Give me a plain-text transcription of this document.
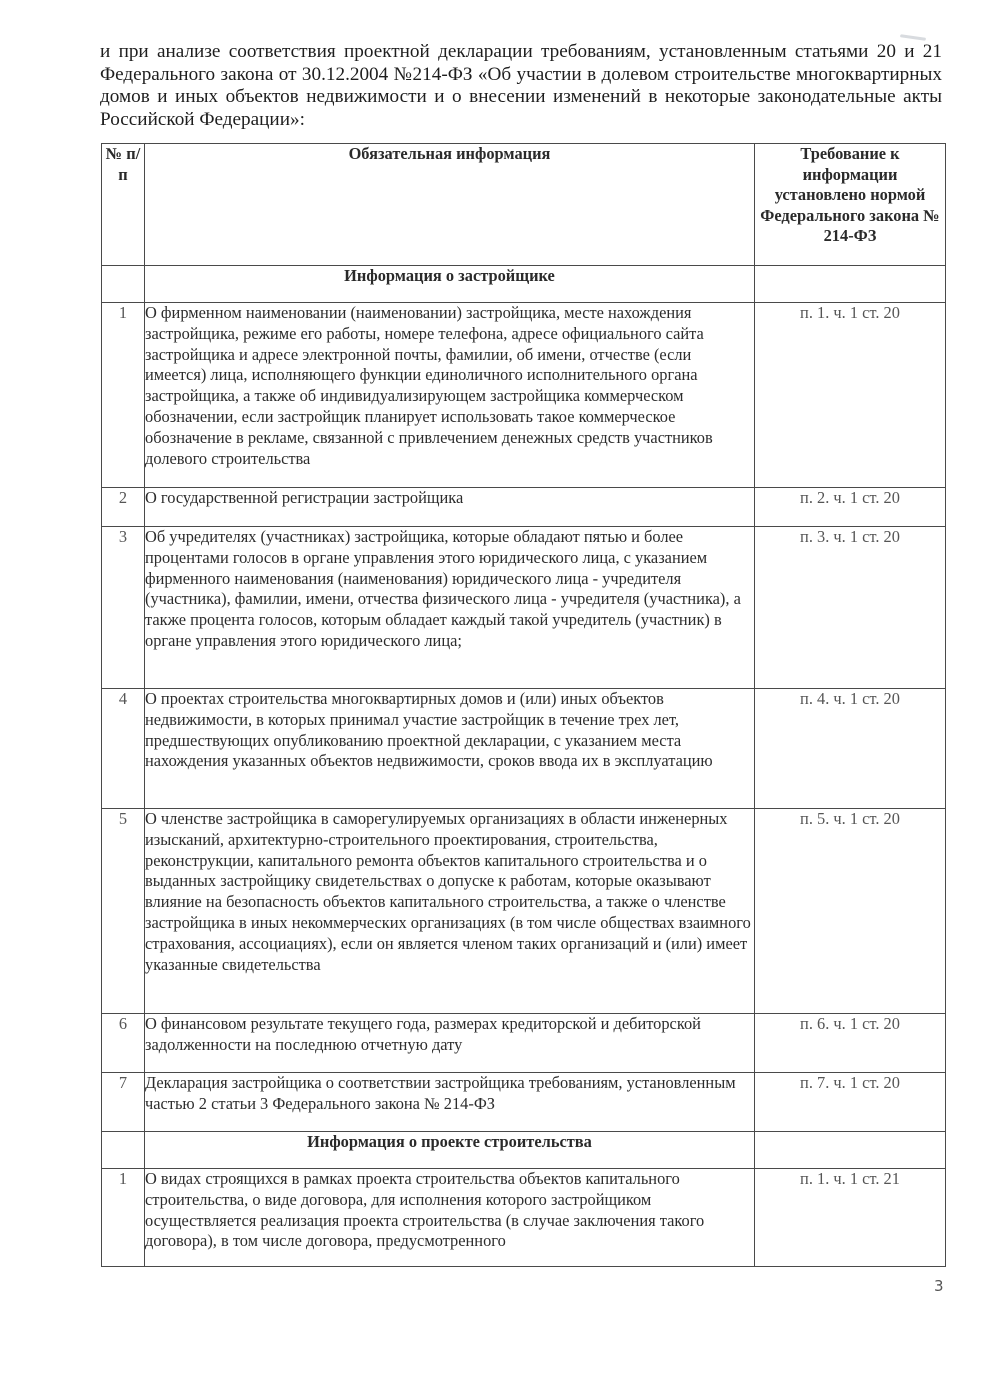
и при анализе соответствия проектной декларации требованиям, установленным статьями 20 и 21 Федерального закона от 30.12.2004 №214-ФЗ «Об участии в долевом строительстве многоквартирных домов и иных объектов недвижимости и о внесении изменений в некоторые законодательные акты Российской Федерации»:

№ п/п	Обязательная информация	Требование к информации установлено нормой Федерального закона № 214-ФЗ
	Информация о застройщике	
1	О фирменном наименовании (наименовании) застройщика, месте нахождения застройщика, режиме его работы, номере телефона, адресе официального сайта застройщика и адресе электронной почты, фамилии, об имени, отчестве (если имеется) лица, исполняющего функции единоличного исполнительного органа застройщика, а также об индивидуализирующем застройщика коммерческом обозначении, если застройщик планирует использовать такое коммерческое обозначение в рекламе, связанной с привлечением денежных средств участников долевого строительства	п. 1. ч. 1 ст. 20
2	О государственной регистрации застройщика	п. 2. ч. 1 ст. 20
3	Об учредителях (участниках) застройщика, которые обладают пятью и более процентами голосов в органе управления этого юридического лица, с указанием фирменного наименования (наименования) юридического лица - учредителя (участника), фамилии, имени, отчества физического лица - учредителя (участника), а также процента голосов, которым обладает каждый такой учредитель (участник) в органе управления этого юридического лица;	п. 3. ч. 1 ст. 20
4	О проектах строительства многоквартирных домов и (или) иных объектов недвижимости, в которых принимал участие застройщик в течение трех лет, предшествующих опубликованию проектной декларации, с указанием места нахождения указанных объектов недвижимости, сроков ввода их в эксплуатацию	п. 4. ч. 1 ст. 20
5	О членстве застройщика в саморегулируемых организациях в области инженерных изысканий, архитектурно-строительного проектирования, строительства, реконструкции, капитального ремонта объектов капитального строительства и о выданных застройщику свидетельствах о допуске к работам, которые оказывают влияние на безопасность объектов капитального строительства, а также о членстве застройщика в иных некоммерческих организациях (в том числе обществах взаимного страхования, ассоциациях), если он является членом таких организаций и (или) имеет указанные свидетельства	п. 5. ч. 1 ст. 20
6	О финансовом результате текущего года, размерах кредиторской и дебиторской задолженности на последнюю отчетную дату	п. 6. ч. 1 ст. 20
7	Декларация застройщика о соответствии застройщика требованиям, установленным частью 2 статьи 3 Федерального закона № 214-ФЗ	п. 7. ч. 1 ст. 20
	Информация о проекте строительства	
1	О видах строящихся в рамках проекта строительства объектов капитального строительства, о виде договора, для исполнения которого застройщиком осуществляется реализация проекта строительства (в случае заключения такого договора), в том числе договора, предусмотренного	п. 1. ч. 1 ст. 21
3
